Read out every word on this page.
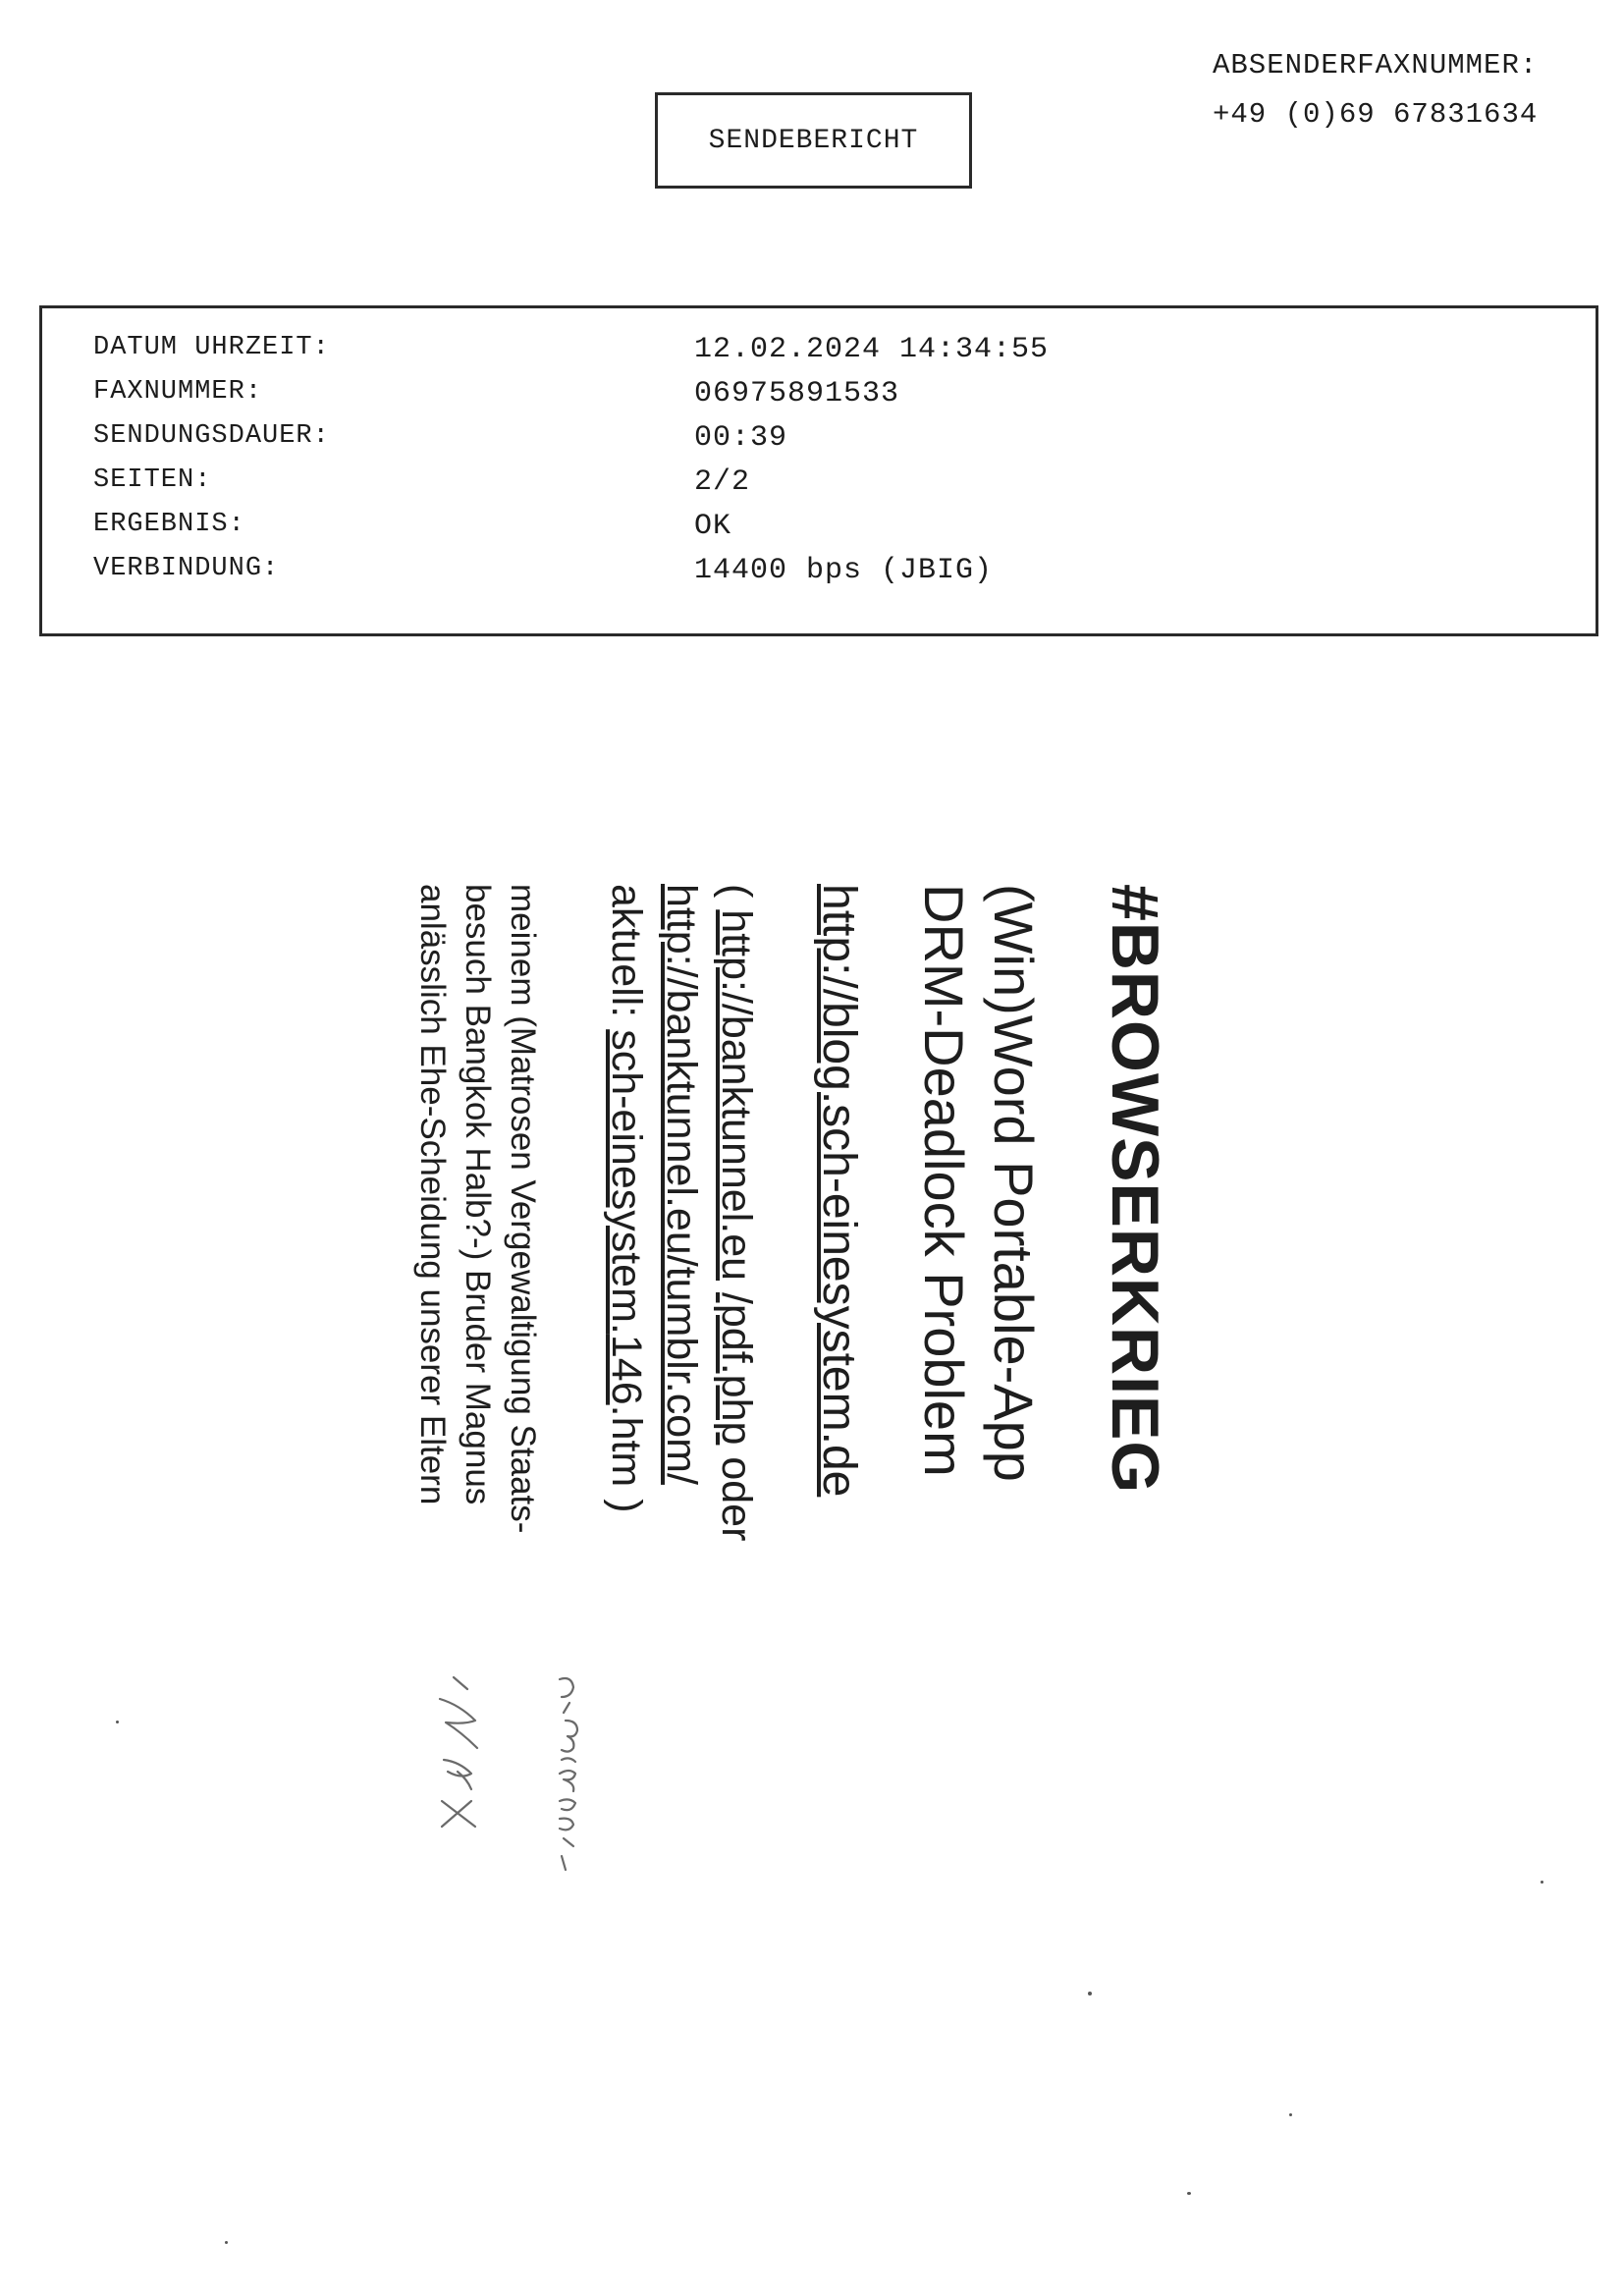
ABSENDERFAXNUMMER:
+49 (0)69 67831634
SENDEBERICHT
DATUM UHRZEIT:	12.02.2024 14:34:55
FAXNUMMER:	06975891533
SENDUNGSDAUER:	00:39
SEITEN:	2/2
ERGEBNIS:	OK
VERBINDUNG:	14400 bps (JBIG)
#BROWSERKRIEG
(Win)Word Portable-App
DRM-Deadlock Problem
http://blog.sch-einesystem.de
( http://banktunnel.eu /pdf.php oder
http://banktunnel.eu/tumblr.com/
aktuell: sch-einesystem.146.htm )
meinem (Matrosen Vergewaltigung Staats-
besuch Bangkok Halb?-) Bruder Magnus
anlässlich Ehe-Scheidung unserer Eltern
